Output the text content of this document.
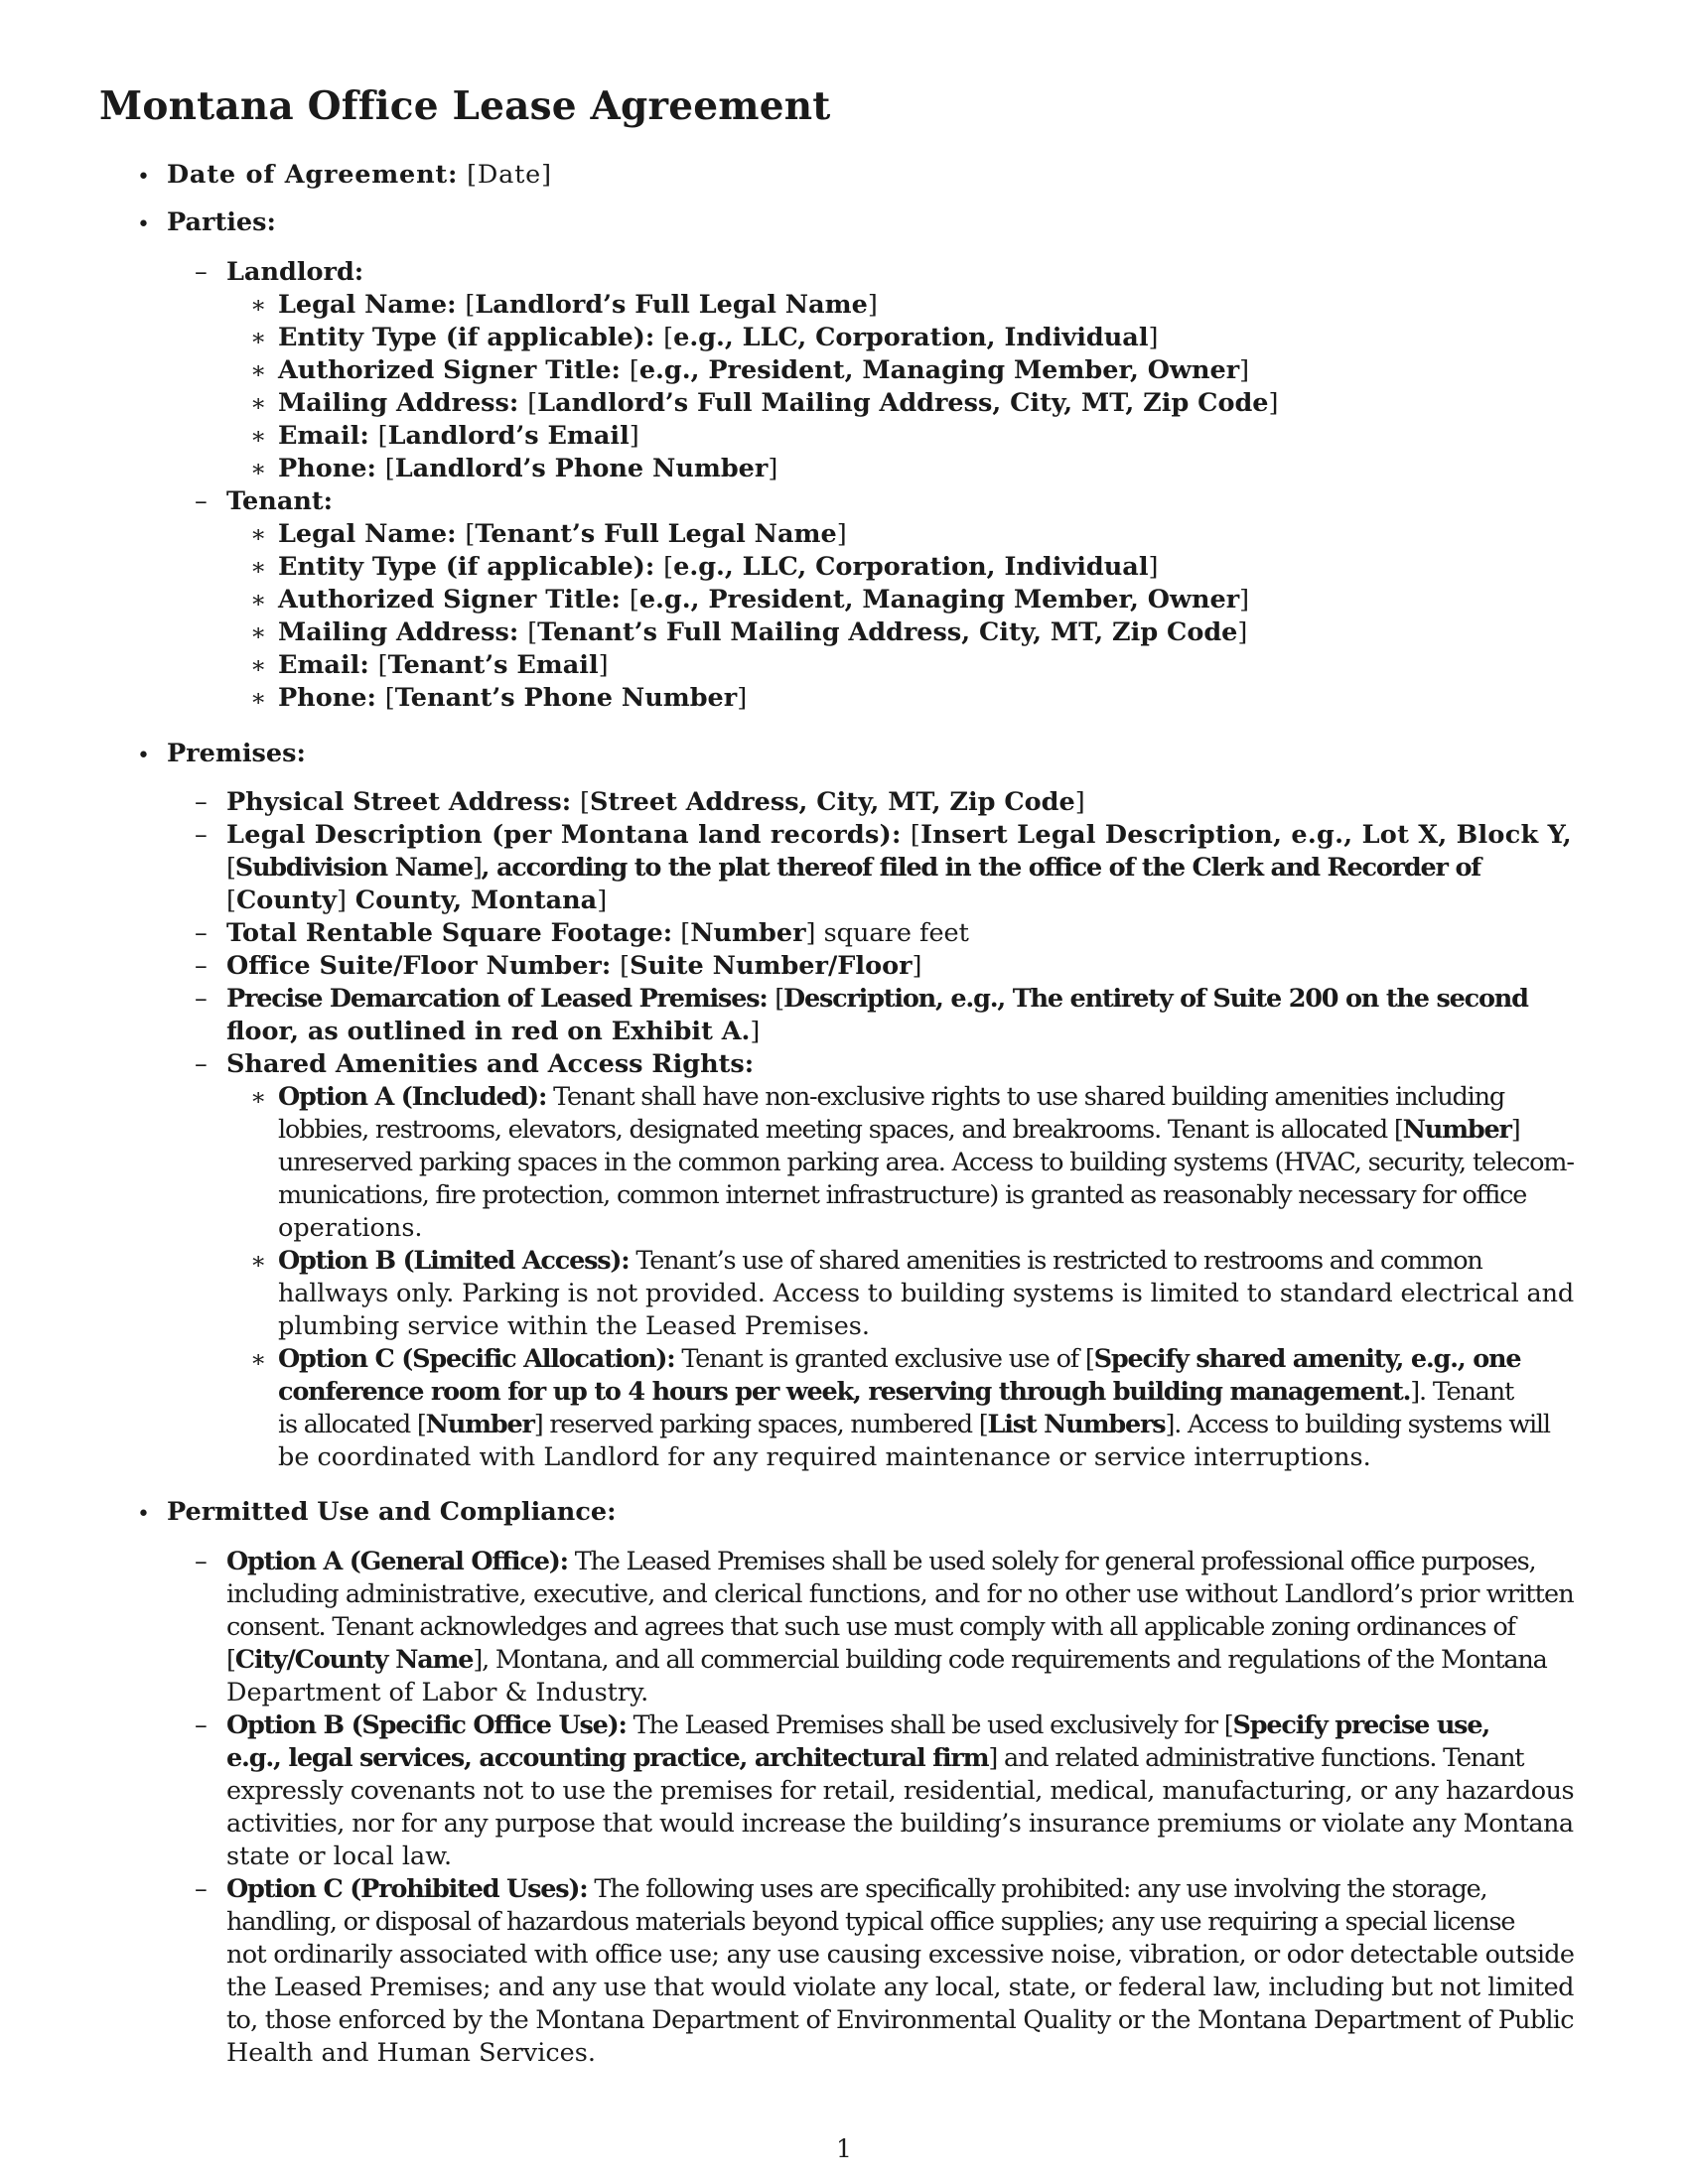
Montana Office Lease Agreement
• Date of Agreement: [Date]
• Parties:
– Landlord:
∗ Legal Name: [Landlord’s Full Legal Name]
∗ Entity Type (if applicable): [e.g., LLC, Corporation, Individual]
∗ Authorized Signer Title: [e.g., President, Managing Member, Owner]
∗ Mailing Address: [Landlord’s Full Mailing Address, City, MT, Zip Code]
∗ Email: [Landlord’s Email]
∗ Phone: [Landlord’s Phone Number]
– Tenant:
∗ Legal Name: [Tenant’s Full Legal Name]
∗ Entity Type (if applicable): [e.g., LLC, Corporation, Individual]
∗ Authorized Signer Title: [e.g., President, Managing Member, Owner]
∗ Mailing Address: [Tenant’s Full Mailing Address, City, MT, Zip Code]
∗ Email: [Tenant’s Email]
∗ Phone: [Tenant’s Phone Number]
• Premises:
– Physical Street Address: [Street Address, City, MT, Zip Code]
– Legal Description (per Montana land records): [Insert Legal Description, e.g., Lot X, Block Y,
[Subdivision Name], according to the plat thereof filed in the office of the Clerk and Recorder of
[County] County, Montana]
– Total Rentable Square Footage: [Number] square feet
– Office Suite/Floor Number: [Suite Number/Floor]
– Precise Demarcation of Leased Premises: [Description, e.g., The entirety of Suite 200 on the second
floor, as outlined in red on Exhibit A.]
– Shared Amenities and Access Rights:
∗ Option A (Included): Tenant shall have non-exclusive rights to use shared building amenities including
lobbies, restrooms, elevators, designated meeting spaces, and breakrooms. Tenant is allocated [Number]
unreserved parking spaces in the common parking area. Access to building systems (HVAC, security, telecom-
munications, fire protection, common internet infrastructure) is granted as reasonably necessary for office
operations.
∗ Option B (Limited Access): Tenant’s use of shared amenities is restricted to restrooms and common
hallways only. Parking is not provided. Access to building systems is limited to standard electrical and
plumbing service within the Leased Premises.
∗ Option C (Specific Allocation): Tenant is granted exclusive use of [Specify shared amenity, e.g., one
conference room for up to 4 hours per week, reserving through building management.]. Tenant
is allocated [Number] reserved parking spaces, numbered [List Numbers]. Access to building systems will
be coordinated with Landlord for any required maintenance or service interruptions.
• Permitted Use and Compliance:
– Option A (General Office): The Leased Premises shall be used solely for general professional office purposes,
including administrative, executive, and clerical functions, and for no other use without Landlord’s prior written
consent. Tenant acknowledges and agrees that such use must comply with all applicable zoning ordinances of
[City/County Name], Montana, and all commercial building code requirements and regulations of the Montana
Department of Labor & Industry.
– Option B (Specific Office Use): The Leased Premises shall be used exclusively for [Specify precise use,
e.g., legal services, accounting practice, architectural firm] and related administrative functions. Tenant
expressly covenants not to use the premises for retail, residential, medical, manufacturing, or any hazardous
activities, nor for any purpose that would increase the building’s insurance premiums or violate any Montana
state or local law.
– Option C (Prohibited Uses): The following uses are specifically prohibited: any use involving the storage,
handling, or disposal of hazardous materials beyond typical office supplies; any use requiring a special license
not ordinarily associated with office use; any use causing excessive noise, vibration, or odor detectable outside
the Leased Premises; and any use that would violate any local, state, or federal law, including but not limited
to, those enforced by the Montana Department of Environmental Quality or the Montana Department of Public
Health and Human Services.
1
